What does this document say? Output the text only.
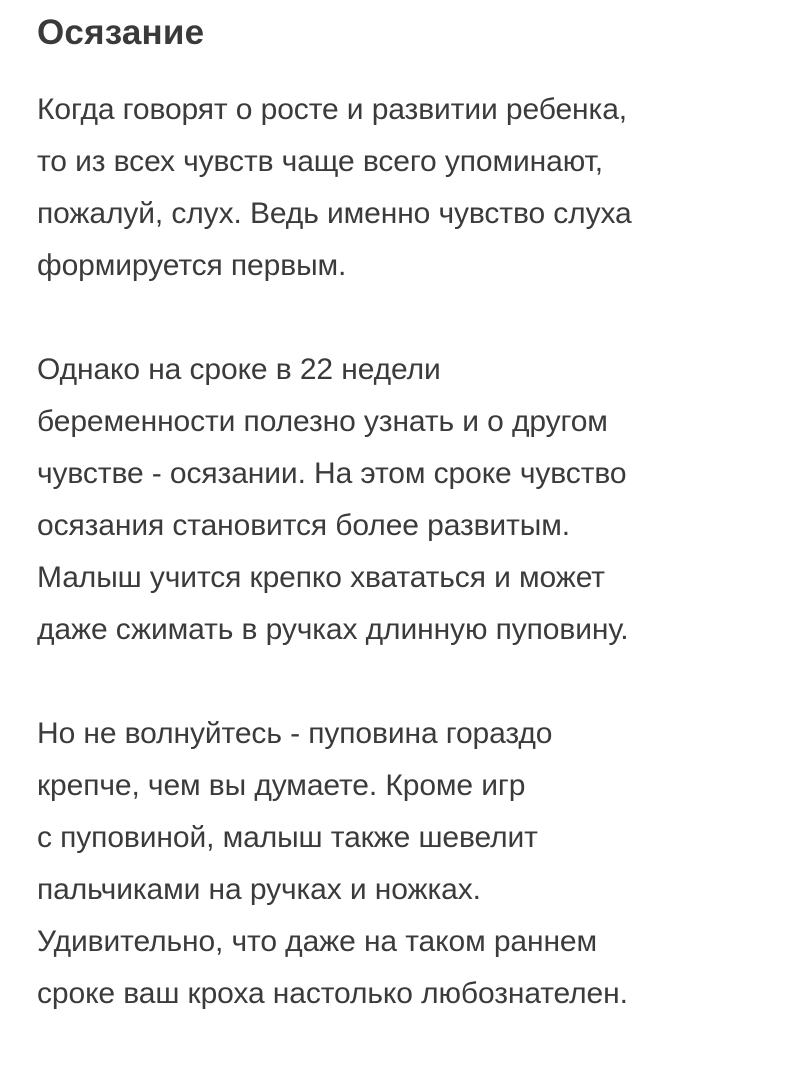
Осязание

Когда говорят о росте и развитии ребенка,
то из всех чувств чаще всего упоминают,
пожалуй, слух. Ведь именно чувство слуха
формируется первым.

Однако на сроке в 22 недели
беременности полезно узнать и о другом
чувстве - осязании. На этом сроке чувство
осязания становится более развитым.
Малыш учится крепко хвататься и может
даже сжимать в ручках длинную пуповину.

Но не волнуйтесь - пуповина гораздо
крепче, чем вы думаете. Кроме игр
с пуповиной, малыш также шевелит
пальчиками на ручках и ножках.
Удивительно, что даже на таком раннем
сроке ваш кроха настолько любознателен.
